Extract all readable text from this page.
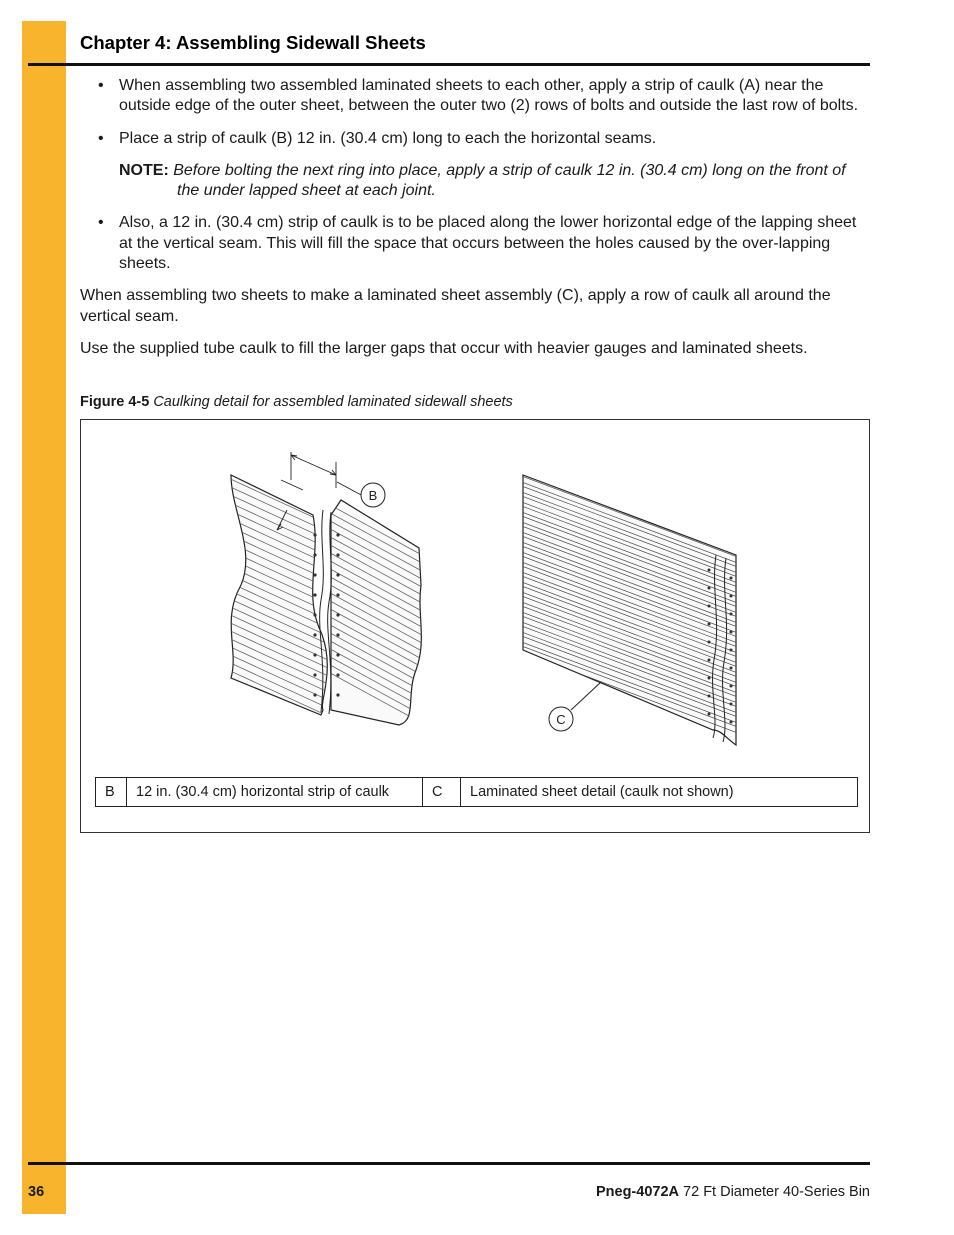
Chapter 4: Assembling Sidewall Sheets
• When assembling two assembled laminated sheets to each other, apply a strip of caulk (A) near the outside edge of the outer sheet, between the outer two (2) rows of bolts and outside the last row of bolts.
• Place a strip of caulk (B) 12 in. (30.4 cm) long to each the horizontal seams.
NOTE: Before bolting the next ring into place, apply a strip of caulk 12 in. (30.4 cm) long on the front of the under lapped sheet at each joint.
• Also, a 12 in. (30.4 cm) strip of caulk is to be placed along the lower horizontal edge of the lapping sheet at the vertical seam. This will fill the space that occurs between the holes caused by the over-lapping sheets.

When assembling two sheets to make a laminated sheet assembly (C), apply a row of caulk all around the vertical seam.

Use the supplied tube caulk to fill the larger gaps that occur with heavier gauges and laminated sheets.

Figure 4-5 Caulking detail for assembled laminated sidewall sheets
B
C
B	12 in. (30.4 cm) horizontal strip of caulk	C	Laminated sheet detail (caulk not shown)
36	Pneg-4072A 72 Ft Diameter 40-Series Bin
